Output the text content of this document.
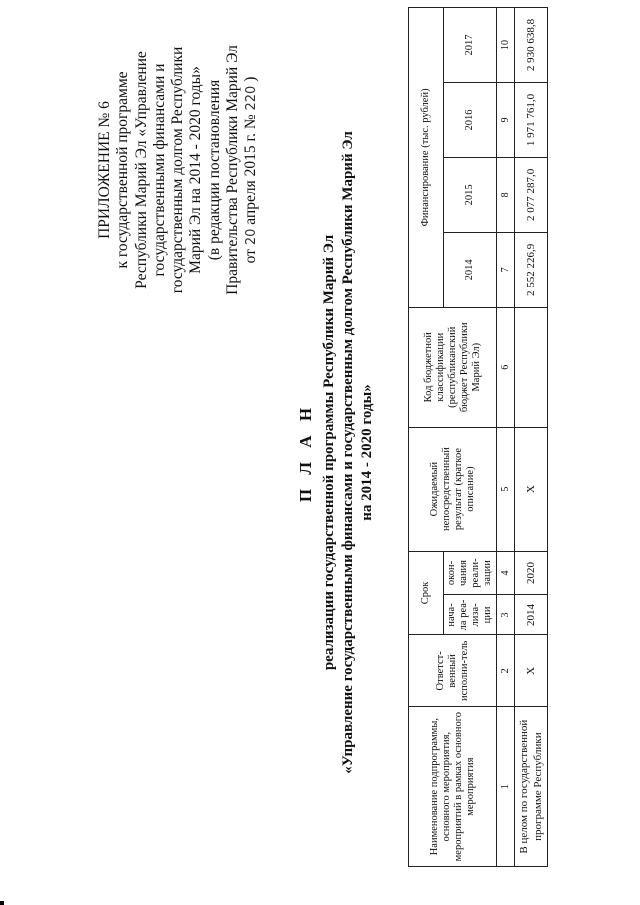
ПРИЛОЖЕНИЕ № 6 к государственной программе Республики Марий Эл «Управление государственными финансами и государственным долгом Республики Марий Эл на 2014 - 2020 годы» (в редакции постановления Правительства Республики Марий Эл от 20 апреля 2015 г. № 220 )
П Л А Н реализации государственной программы Республики Марий Эл «Управление государственными финансами и государственным долгом Республики Марий Эл на 2014 - 2020 годы»
Наименование подпрограммы, основного мероприятия, мероприятий в рамках основного мероприятия	Ответст-венный исполни-тель	Срок		Ожидаемый непосредственный результат (краткое описание)	Код бюджетной классификации (республиканский бюджет Республики Марий Эл)	Финансирование (тыс. рублей)			
		нача-ла реа-лиза-ции	окон-чания реали-зации			2014	2015	2016	2017

1	2	3	4	5	6	7	8	9	10
В целом по государственной программе Республики	X	2014	2020	X		2 552 226,9	2 077 287,0	1 971 761,0	2 930 638,8
